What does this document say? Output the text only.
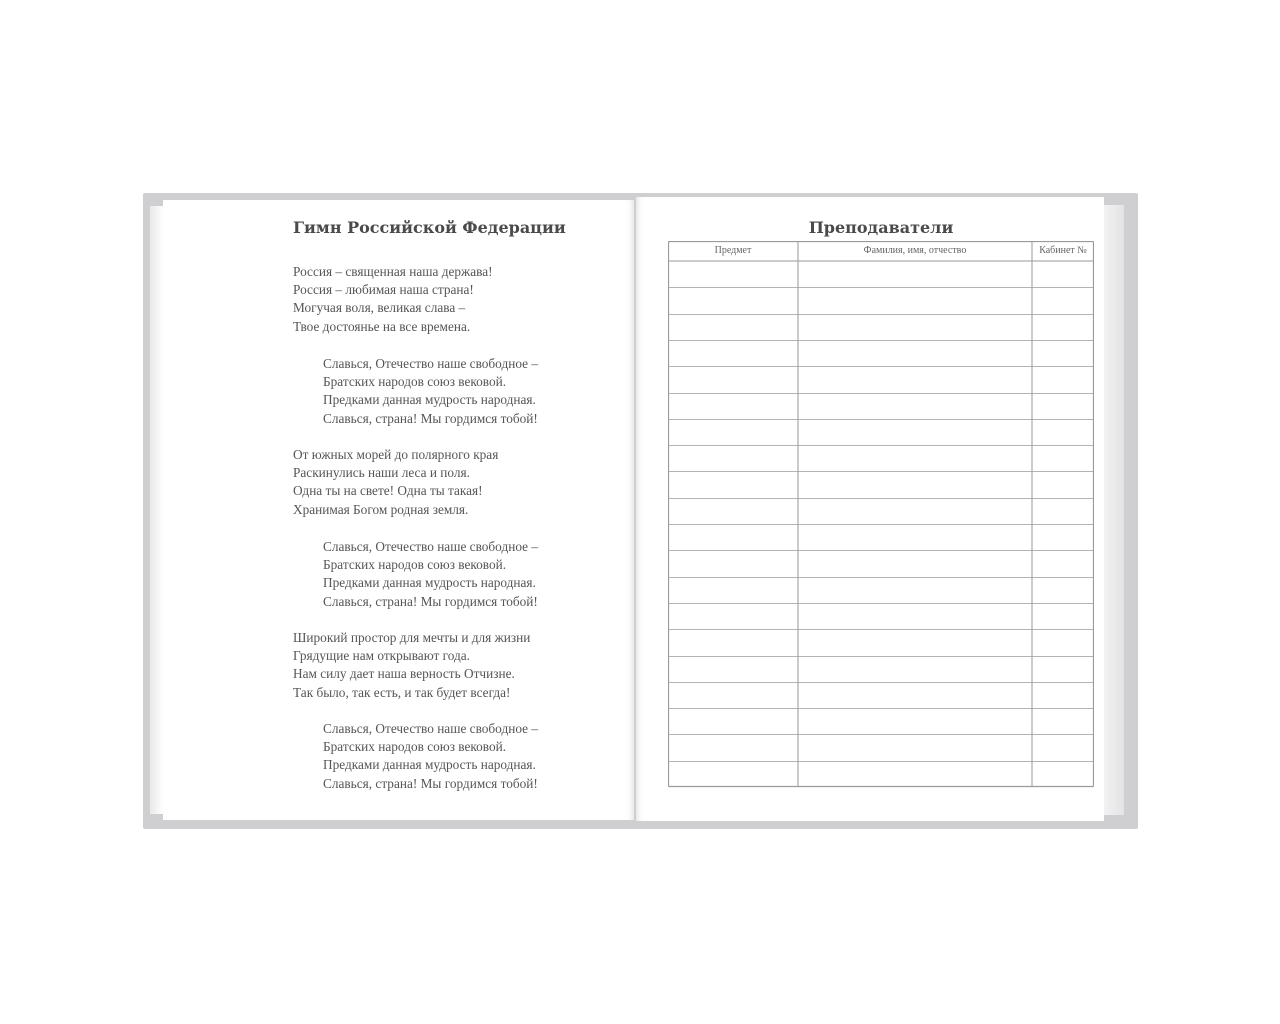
Гимн Российской Федерации
Россия – священная наша держава!
Россия – любимая наша страна!
Могучая воля, великая слава –
Твое достоянье на все времена.
Славься, Отечество наше свободное –
Братских народов союз вековой.
Предками данная мудрость народная.
Славься, страна! Мы гордимся тобой!
От южных морей до полярного края
Раскинулись наши леса и поля.
Одна ты на свете! Одна ты такая!
Хранимая Богом родная земля.
Славься, Отечество наше свободное –
Братских народов союз вековой.
Предками данная мудрость народная.
Славься, страна! Мы гордимся тобой!
Широкий простор для мечты и для жизни
Грядущие нам открывают года.
Нам силу дает наша верность Отчизне.
Так было, так есть, и так будет всегда!
Славься, Отечество наше свободное –
Братских народов союз вековой.
Предками данная мудрость народная.
Славься, страна! Мы гордимся тобой!
Преподаватели
Предмет	Фамилия, имя, отчество	Кабинет №
